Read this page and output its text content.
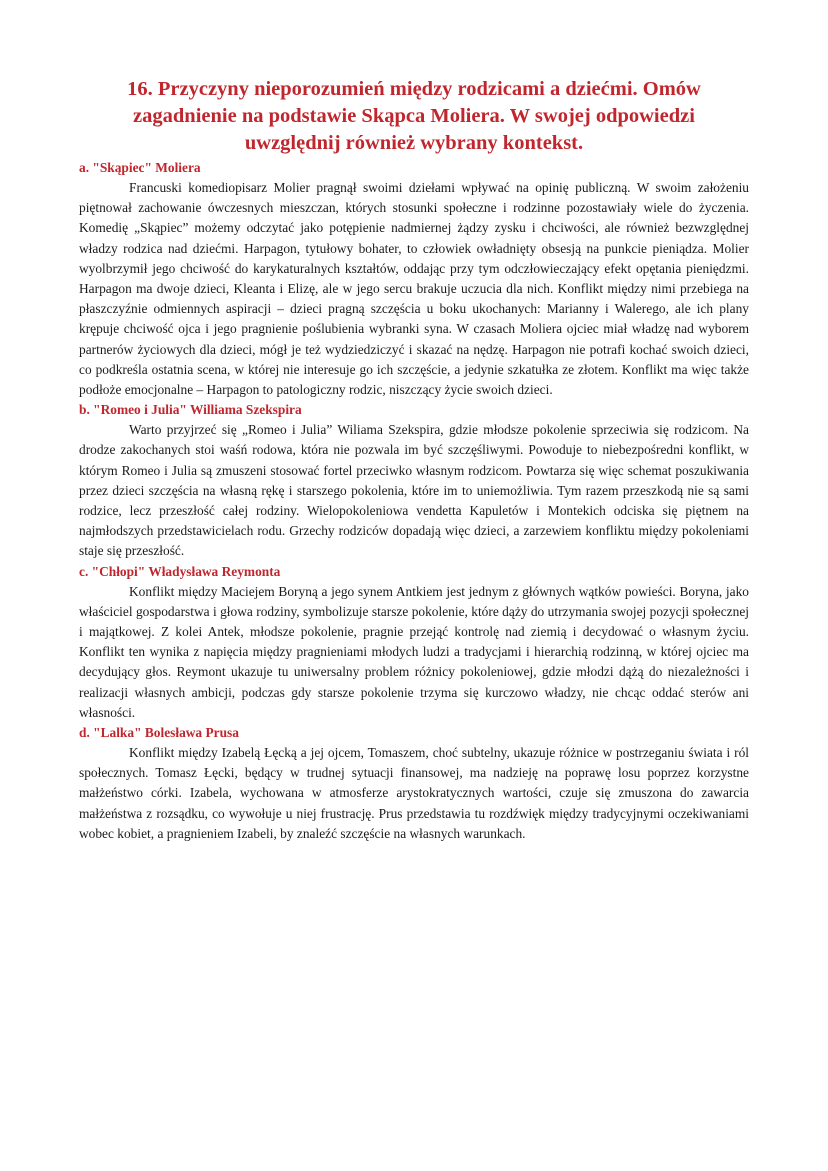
16. Przyczyny nieporozumień między rodzicami a dziećmi. Omów zagadnienie na podstawie Skąpca Moliera. W swojej odpowiedzi uwzględnij również wybrany kontekst.
a. "Skąpiec" Moliera

Francuski komediopisarz Molier pragnął swoimi dziełami wpływać na opinię publiczną. W swoim założeniu piętnował zachowanie ówczesnych mieszczan, których stosunki społeczne i rodzinne pozostawiały wiele do życzenia. Komedię „Skąpiec” możemy odczytać jako potępienie nadmiernej żądzy zysku i chciwości, ale również bezwzględnej władzy rodzica nad dziećmi. Harpagon, tytułowy bohater, to człowiek owładnięty obsesją na punkcie pieniądza. Molier wyolbrzymił jego chciwość do karykaturalnych kształtów, oddając przy tym odczłowieczający efekt opętania pieniędzmi. Harpagon ma dwoje dzieci, Kleanta i Elizę, ale w jego sercu brakuje uczucia dla nich. Konflikt między nimi przebiega na płaszczyźnie odmiennych aspiracji – dzieci pragną szczęścia u boku ukochanych: Marianny i Walerego, ale ich plany krępuje chciwość ojca i jego pragnienie poślubienia wybranki syna. W czasach Moliera ojciec miał władzę nad wyborem partnerów życiowych dla dzieci, mógł je też wydziedziczyć i skazać na nędzę. Harpagon nie potrafi kochać swoich dzieci, co podkreśla ostatnia scena, w której nie interesuje go ich szczęście, a jedynie szkatułka ze złotem. Konflikt ma więc także podłoże emocjonalne – Harpagon to patologiczny rodzic, niszczący życie swoich dzieci.

b. "Romeo i Julia" Williama Szekspira

Warto przyjrzeć się „Romeo i Julia” Wiliama Szekspira, gdzie młodsze pokolenie sprzeciwia się rodzicom. Na drodze zakochanych stoi waśń rodowa, która nie pozwala im być szczęśliwymi. Powoduje to niebezpośredni konflikt, w którym Romeo i Julia są zmuszeni stosować fortel przeciwko własnym rodzicom. Powtarza się więc schemat poszukiwania przez dzieci szczęścia na własną rękę i starszego pokolenia, które im to uniemożliwia. Tym razem przeszkodą nie są sami rodzice, lecz przeszłość całej rodziny. Wielopokoleniowa vendetta Kapuletów i Montekich odciska się piętnem na najmłodszych przedstawicielach rodu. Grzechy rodziców dopadają więc dzieci, a zarzewiem konfliktu między pokoleniami staje się przeszłość.

c. "Chłopi" Władysława Reymonta

Konflikt między Maciejem Boryną a jego synem Antkiem jest jednym z głównych wątków powieści. Boryna, jako właściciel gospodarstwa i głowa rodziny, symbolizuje starsze pokolenie, które dąży do utrzymania swojej pozycji społecznej i majątkowej. Z kolei Antek, młodsze pokolenie, pragnie przejąć kontrolę nad ziemią i decydować o własnym życiu. Konflikt ten wynika z napięcia między pragnieniami młodych ludzi a tradycjami i hierarchią rodzinną, w której ojciec ma decydujący głos. Reymont ukazuje tu uniwersalny problem różnicy pokoleniowej, gdzie młodzi dążą do niezależności i realizacji własnych ambicji, podczas gdy starsze pokolenie trzyma się kurczowo władzy, nie chcąc oddać sterów ani własności.

d. "Lalka" Bolesława Prusa

Konflikt między Izabelą Łęcką a jej ojcem, Tomaszem, choć subtelny, ukazuje różnice w postrzeganiu świata i ról społecznych. Tomasz Łęcki, będący w trudnej sytuacji finansowej, ma nadzieję na poprawę losu poprzez korzystne małżeństwo córki. Izabela, wychowana w atmosferze arystokratycznych wartości, czuje się zmuszona do zawarcia małżeństwa z rozsądku, co wywołuje u niej frustrację. Prus przedstawia tu rozdźwięk między tradycyjnymi oczekiwaniami wobec kobiet, a pragnieniem Izabeli, by znaleźć szczęście na własnych warunkach.
